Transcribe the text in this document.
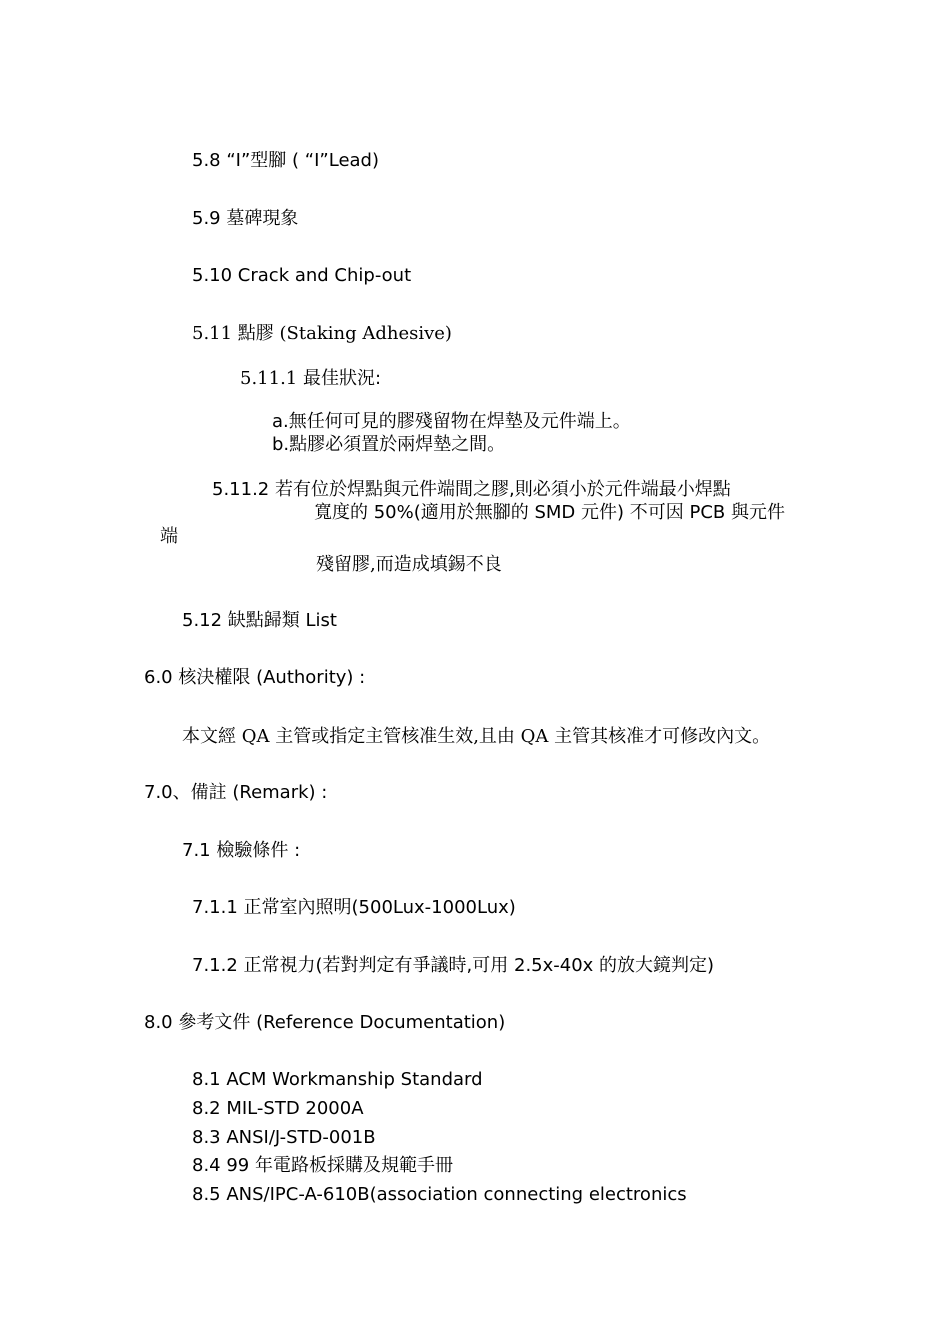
5.8 “I”型腳 ( “I”Lead)
5.9 墓碑現象
5.10 Crack and Chip-out
5.11 點膠 (Staking Adhesive)
5.11.1 最佳狀況:
a.無任何可見的膠殘留物在焊墊及元件端上。
b.點膠必須置於兩焊墊之間。
5.11.2 若有位於焊點與元件端間之膠,則必須小於元件端最小焊點
寬度的 50%(適用於無腳的 SMD 元件) 不可因 PCB 與元件
端
殘留膠,而造成填錫不良
5.12 缺點歸類 List
6.0 核決權限 (Authority) :
本文經 QA 主管或指定主管核准生效,且由 QA 主管其核准才可修改內文。
7.0、備註 (Remark) :
7.1 檢驗條件 :
7.1.1 正常室內照明(500Lux-1000Lux)
7.1.2 正常視力(若對判定有爭議時,可用 2.5x-40x 的放大鏡判定)
8.0 參考文件 (Reference Documentation)
8.1 ACM Workmanship Standard
8.2 MIL-STD 2000A
8.3 ANSI/J-STD-001B
8.4 99 年電路板採購及規範手冊
8.5 ANS/IPC-A-610B(association connecting electronics
